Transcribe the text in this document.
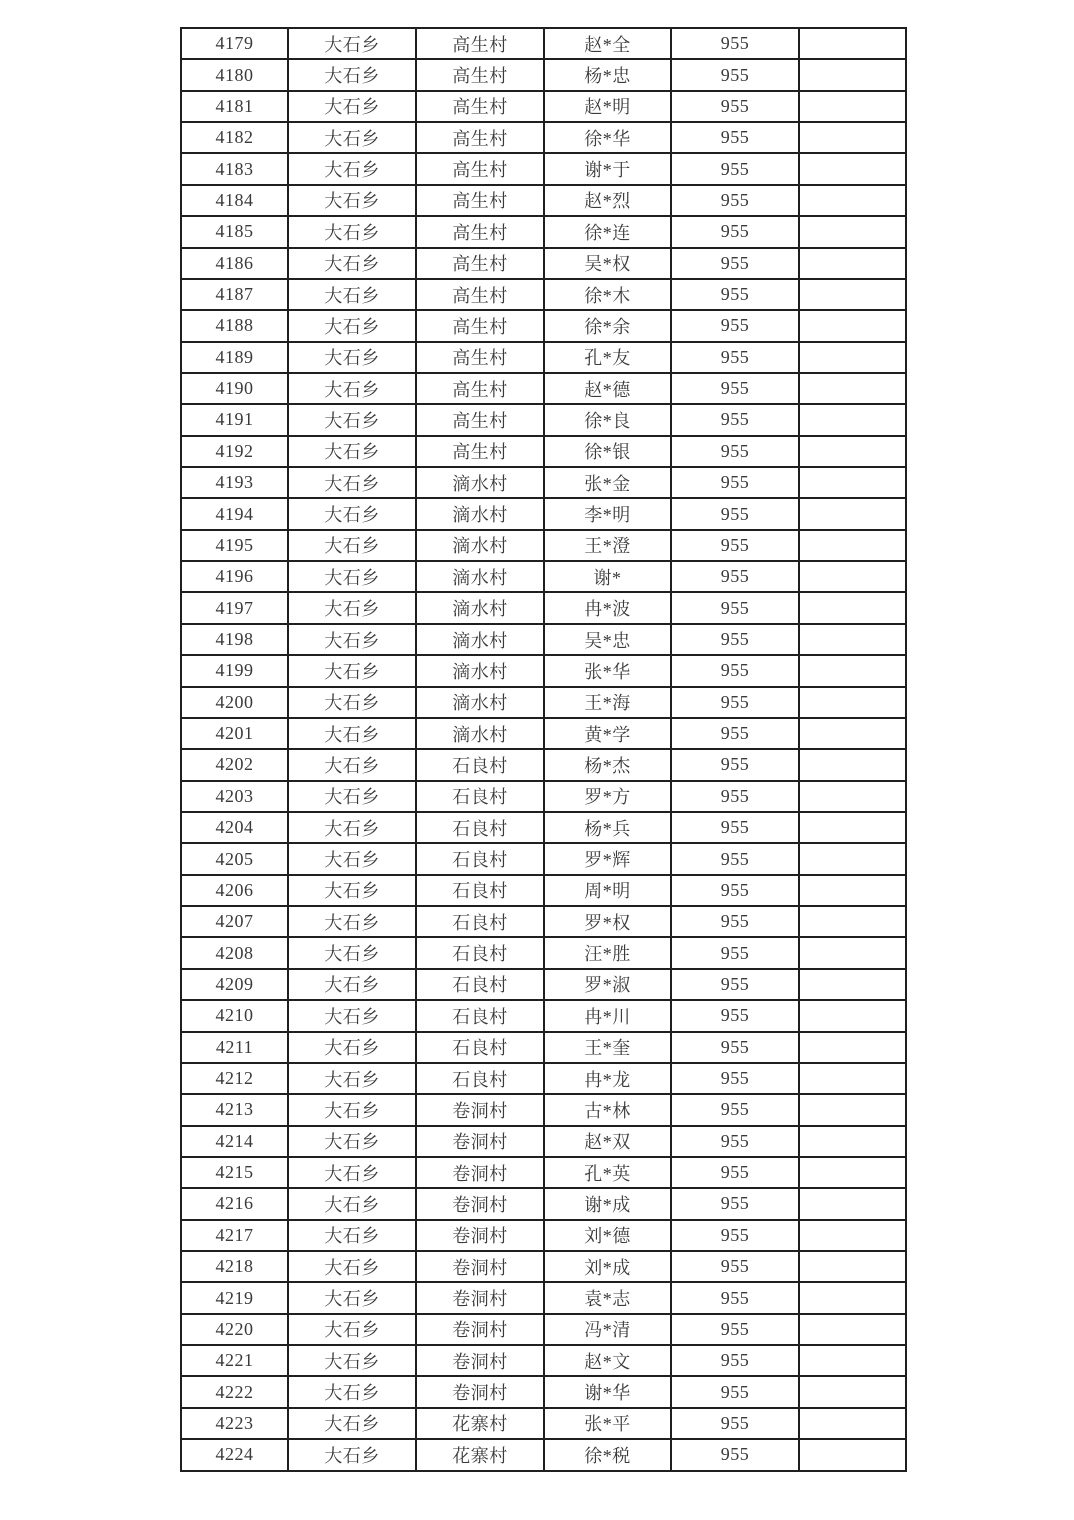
4179	大石乡	高生村	赵*全	955	
4180	大石乡	高生村	杨*忠	955	
4181	大石乡	高生村	赵*明	955	
4182	大石乡	高生村	徐*华	955	
4183	大石乡	高生村	谢*于	955	
4184	大石乡	高生村	赵*烈	955	
4185	大石乡	高生村	徐*连	955	
4186	大石乡	高生村	吴*权	955	
4187	大石乡	高生村	徐*木	955	
4188	大石乡	高生村	徐*余	955	
4189	大石乡	高生村	孔*友	955	
4190	大石乡	高生村	赵*德	955	
4191	大石乡	高生村	徐*良	955	
4192	大石乡	高生村	徐*银	955	
4193	大石乡	滴水村	张*金	955	
4194	大石乡	滴水村	李*明	955	
4195	大石乡	滴水村	王*澄	955	
4196	大石乡	滴水村	谢*	955	
4197	大石乡	滴水村	冉*波	955	
4198	大石乡	滴水村	吴*忠	955	
4199	大石乡	滴水村	张*华	955	
4200	大石乡	滴水村	王*海	955	
4201	大石乡	滴水村	黄*学	955	
4202	大石乡	石良村	杨*杰	955	
4203	大石乡	石良村	罗*方	955	
4204	大石乡	石良村	杨*兵	955	
4205	大石乡	石良村	罗*辉	955	
4206	大石乡	石良村	周*明	955	
4207	大石乡	石良村	罗*权	955	
4208	大石乡	石良村	汪*胜	955	
4209	大石乡	石良村	罗*淑	955	
4210	大石乡	石良村	冉*川	955	
4211	大石乡	石良村	王*奎	955	
4212	大石乡	石良村	冉*龙	955	
4213	大石乡	卷洞村	古*林	955	
4214	大石乡	卷洞村	赵*双	955	
4215	大石乡	卷洞村	孔*英	955	
4216	大石乡	卷洞村	谢*成	955	
4217	大石乡	卷洞村	刘*德	955	
4218	大石乡	卷洞村	刘*成	955	
4219	大石乡	卷洞村	袁*志	955	
4220	大石乡	卷洞村	冯*清	955	
4221	大石乡	卷洞村	赵*文	955	
4222	大石乡	卷洞村	谢*华	955	
4223	大石乡	花寨村	张*平	955	
4224	大石乡	花寨村	徐*税	955	
